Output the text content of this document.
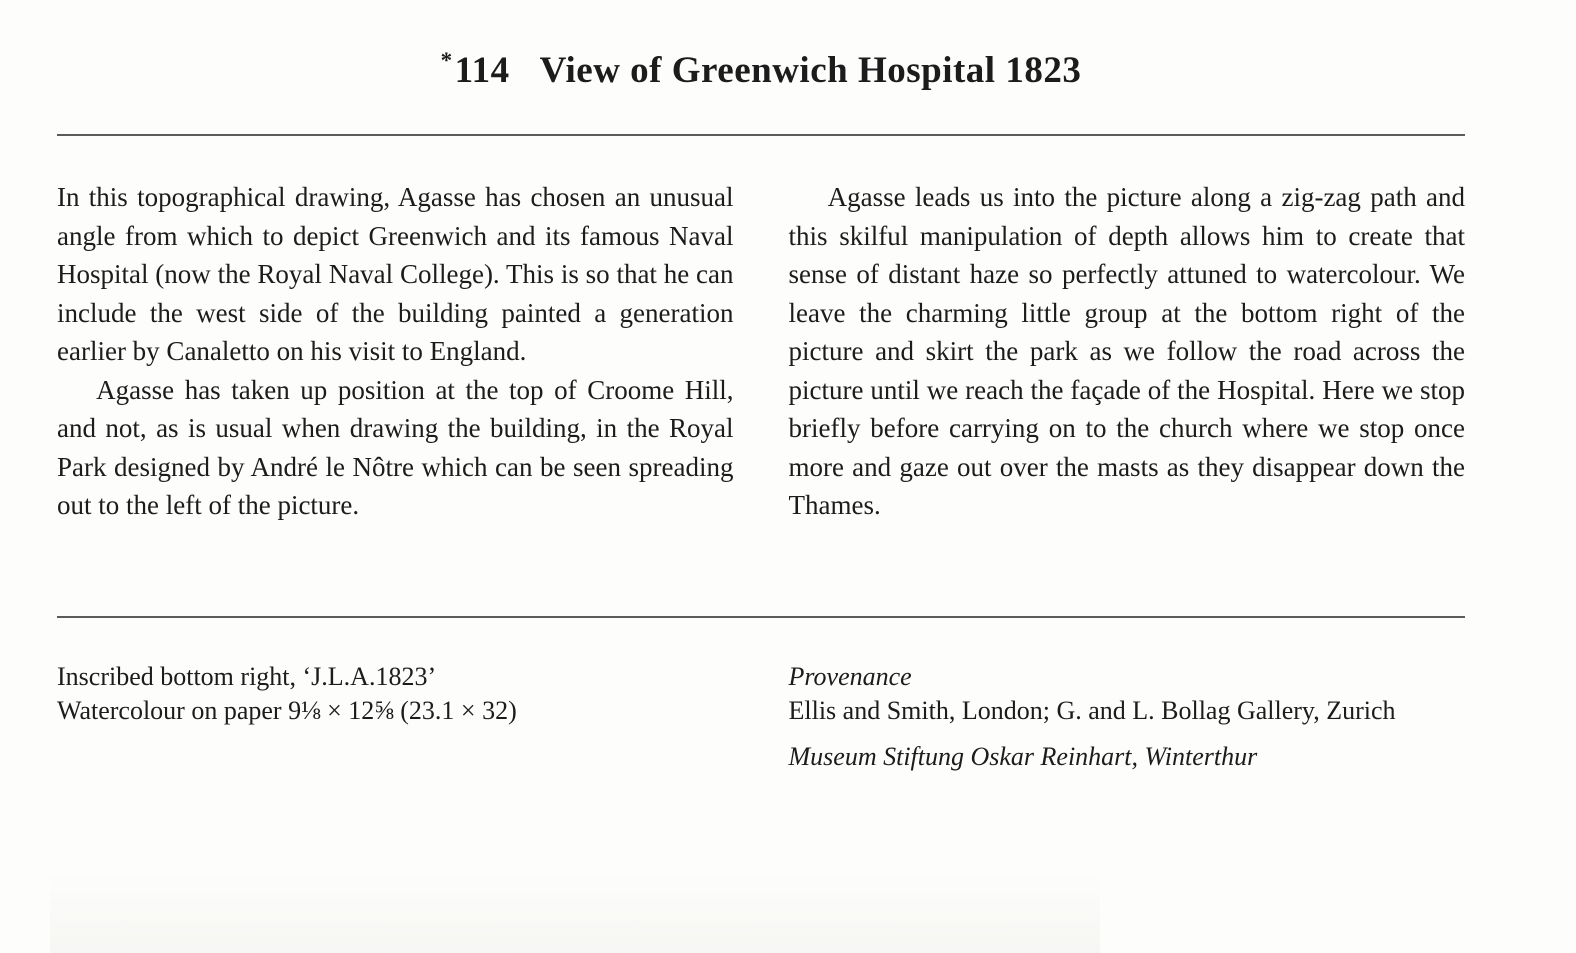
*114 View of Greenwich Hospital 1823

In this topographical drawing, Agasse has chosen an unusual angle from which to depict Greenwich and its famous Naval Hospital (now the Royal Naval College). This is so that he can include the west side of the building painted a generation earlier by Canaletto on his visit to England.

Agasse has taken up position at the top of Croome Hill, and not, as is usual when drawing the building, in the Royal Park designed by André le Nôtre which can be seen spreading out to the left of the picture.

Agasse leads us into the picture along a zig-zag path and this skilful manipulation of depth allows him to create that sense of distant haze so perfectly attuned to watercolour. We leave the charming little group at the bottom right of the picture and skirt the park as we follow the road across the picture until we reach the façade of the Hospital. Here we stop briefly before carrying on to the church where we stop once more and gaze out over the masts as they disappear down the Thames.

Inscribed bottom right, ‘J.L.A.1823’

Watercolour on paper 9⅛ × 12⅝ (23.1 × 32)

Provenance

Ellis and Smith, London; G. and L. Bollag Gallery, Zurich

Museum Stiftung Oskar Reinhart, Winterthur
